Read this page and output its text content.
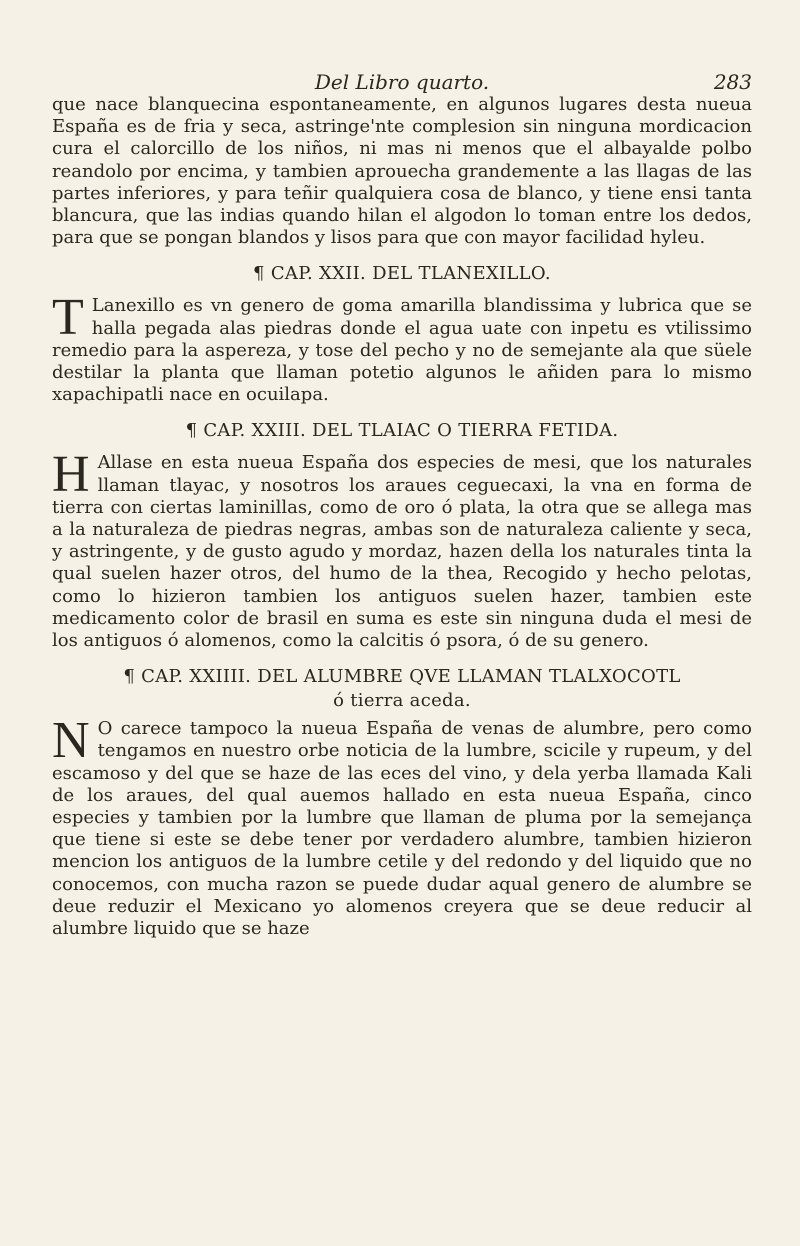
Del Libro quarto.	283

que nace blanquecina espontaneamente, en algunos lugares desta nueua España es de fria y seca, astringe'nte complesion sin ninguna mordicacion cura el calorcillo de los niños, ni mas ni menos que el albayalde polbo reandolo por encima, y tambien aprouecha grandemente a las llagas de las partes inferiores, y para teñir qualquiera cosa de blanco, y tiene ensi tanta blancura, que las indias quando hilan el algodon lo toman entre los dedos, para que se pongan blandos y lisos para que con mayor facilidad hyleu.

¶ CAP. XXII. DEL TLANEXILLO.

T Lanexillo es vn genero de goma amarilla blandissima y lubrica que se halla pegada alas piedras donde el agua uate con inpetu es vtilissimo remedio para la aspereza, y tose del pecho y no de semejante ala que süele destilar la planta que llaman potetio algunos le añiden para lo mismo xapachipatli nace en ocuilapa.

¶ CAP. XXIII. DEL TLAIAC O TIERRA FETIDA.

H Allase en esta nueua España dos especies de mesi, que los naturales llaman tlayac, y nosotros los araues ceguecaxi, la vna en forma de tierra con ciertas laminillas, como de oro ó plata, la otra que se allega mas a la naturaleza de piedras negras, ambas son de naturaleza caliente y seca, y astringente, y de gusto agudo y mordaz, hazen della los naturales tinta la qual suelen hazer otros, del humo de la thea, Recogido y hecho pelotas, como lo hizieron tambien los antiguos suelen hazer, tambien este medicamento color de brasil en suma es este sin ninguna duda el mesi de los antiguos ó alomenos, como la calcitis ó psora, ó de su genero.

¶ CAP. XXIIII. DEL ALUMBRE QVE LLAMAN TLALXOCOTL
ó tierra aceda.

N O carece tampoco la nueua España de venas de alumbre, pero como tengamos en nuestro orbe noticia de la lumbre, scicile y rupeum, y del escamoso y del que se haze de las eces del vino, y dela yerba llamada Kali de los araues, del qual auemos hallado en esta nueua España, cinco especies y tambien por la lumbre que llaman de pluma por la semejança que tiene si este se debe tener por verdadero alumbre, tambien hizieron mencion los antiguos de la lumbre cetile y del redondo y del liquido que no conocemos, con mucha razon se puede dudar aqual genero de alumbre se deue reduzir el Mexicano yo alomenos creyera que se deue reducir al alumbre liquido que se haze
